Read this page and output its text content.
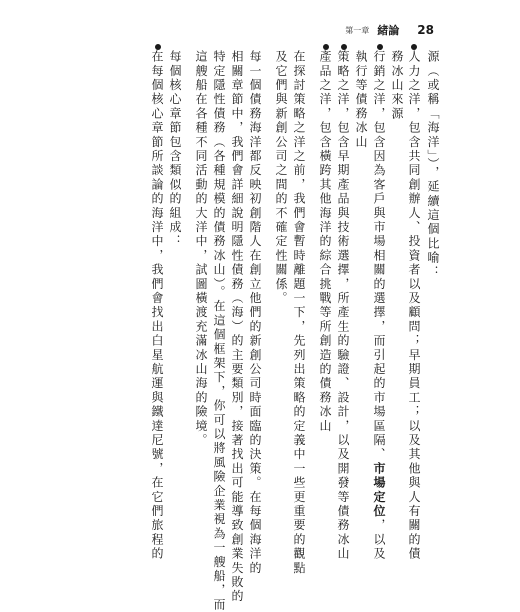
第一章 緒論 28
源（或稱「海洋」），延續這個比喻：
人力之洋，包含共同創辦人、投資者以及顧問；早期員工；以及其他與人有關的債
務冰山來源
行銷之洋，包含因為客戶與市場相關的選擇，而引起的市場區隔、市場定位，以及
執行等債務冰山
策略之洋，包含早期產品與技術選擇，所產生的驗證、設計，以及開發等債務冰山
產品之洋，包含橫跨其他海洋的綜合挑戰等所創造的債務冰山
在探討策略之洋之前，我們會暫時離題一下，先列出策略的定義中一些更重要的觀點
及它們與新創公司之間的不確定性關係。
每一個債務海洋都反映初創階人在創立他們的新創公司時面臨的決策。在每個海洋的
相關章節中，我們會詳細說明隱性債務（海）的主要類別，接著找出可能導致創業失敗的
特定隱性債務（各種規模的債務冰山）。在這個框架下，你可以將風險企業視為一艘船，而
這艘船在各種不同活動的大洋中，試圖橫渡充滿冰山海的險境。
每個核心章節包含類似的組成：
在每個核心章節所談論的海洋中，我們會找出白星航運與鐵達尼號，在它們旅程的
